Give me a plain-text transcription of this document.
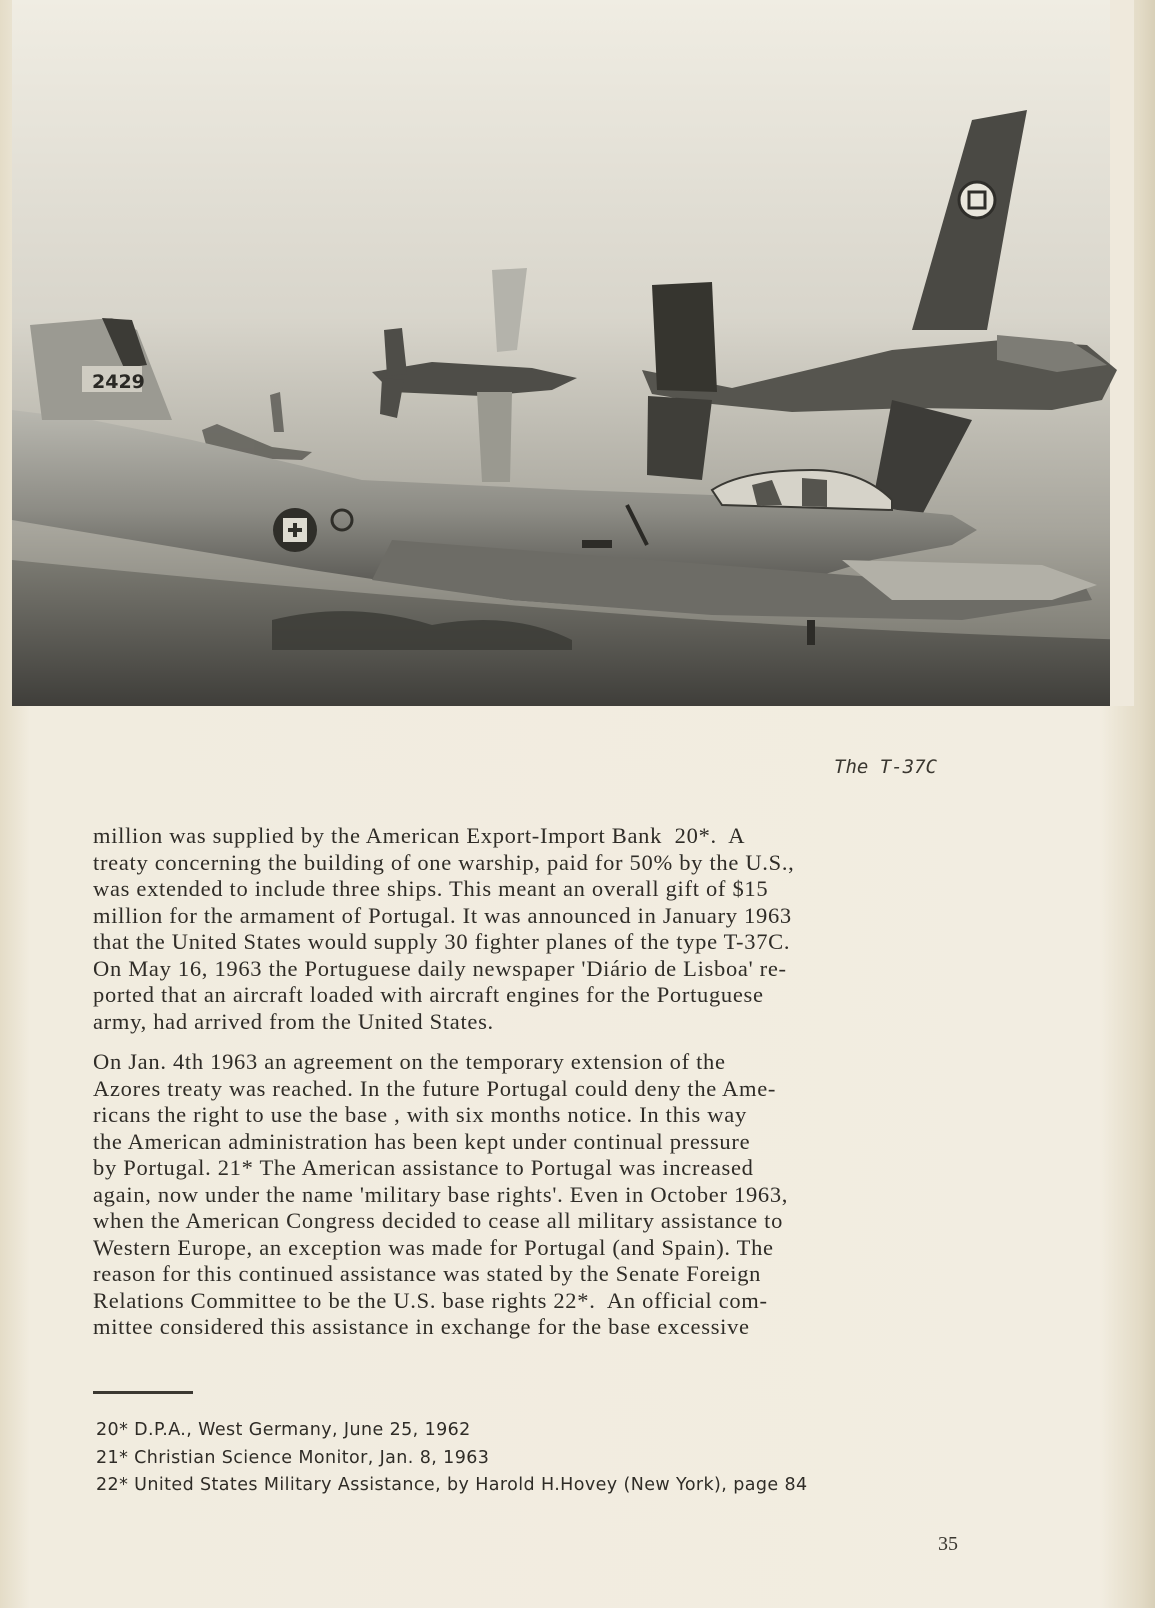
2429
The T-37C

million was supplied by the American Export-Import Bank  20*.  A

treaty concerning the building of one warship, paid for 50% by the U.S.,

was extended to include three ships. This meant an overall gift of $15

million for the armament of Portugal. It was announced in January 1963

that the United States would supply 30 fighter planes of the type T-37C.

On May 16, 1963 the Portuguese daily newspaper 'Diário de Lisboa' re-

ported that an aircraft loaded with aircraft engines for the Portuguese

army, had arrived from the United States.

On Jan. 4th 1963 an agreement on the temporary extension of the

Azores treaty was reached. In the future Portugal could deny the Ame-

ricans the right to use the base , with six months notice. In this way

the American administration has been kept under continual pressure

by Portugal. 21* The American assistance to Portugal was increased

again, now under the name 'military base rights'. Even in October 1963,

when the American Congress decided to cease all military assistance to

Western Europe, an exception was made for Portugal (and Spain). The

reason for this continued assistance was stated by the Senate Foreign

Relations Committee to be the U.S. base rights 22*.  An official com-

mittee considered this assistance in exchange for the base excessive

20* D.P.A., West Germany, June 25, 1962
21* Christian Science Monitor, Jan. 8, 1963
22* United States Military Assistance, by Harold H.Hovey (New York), page 84
35
